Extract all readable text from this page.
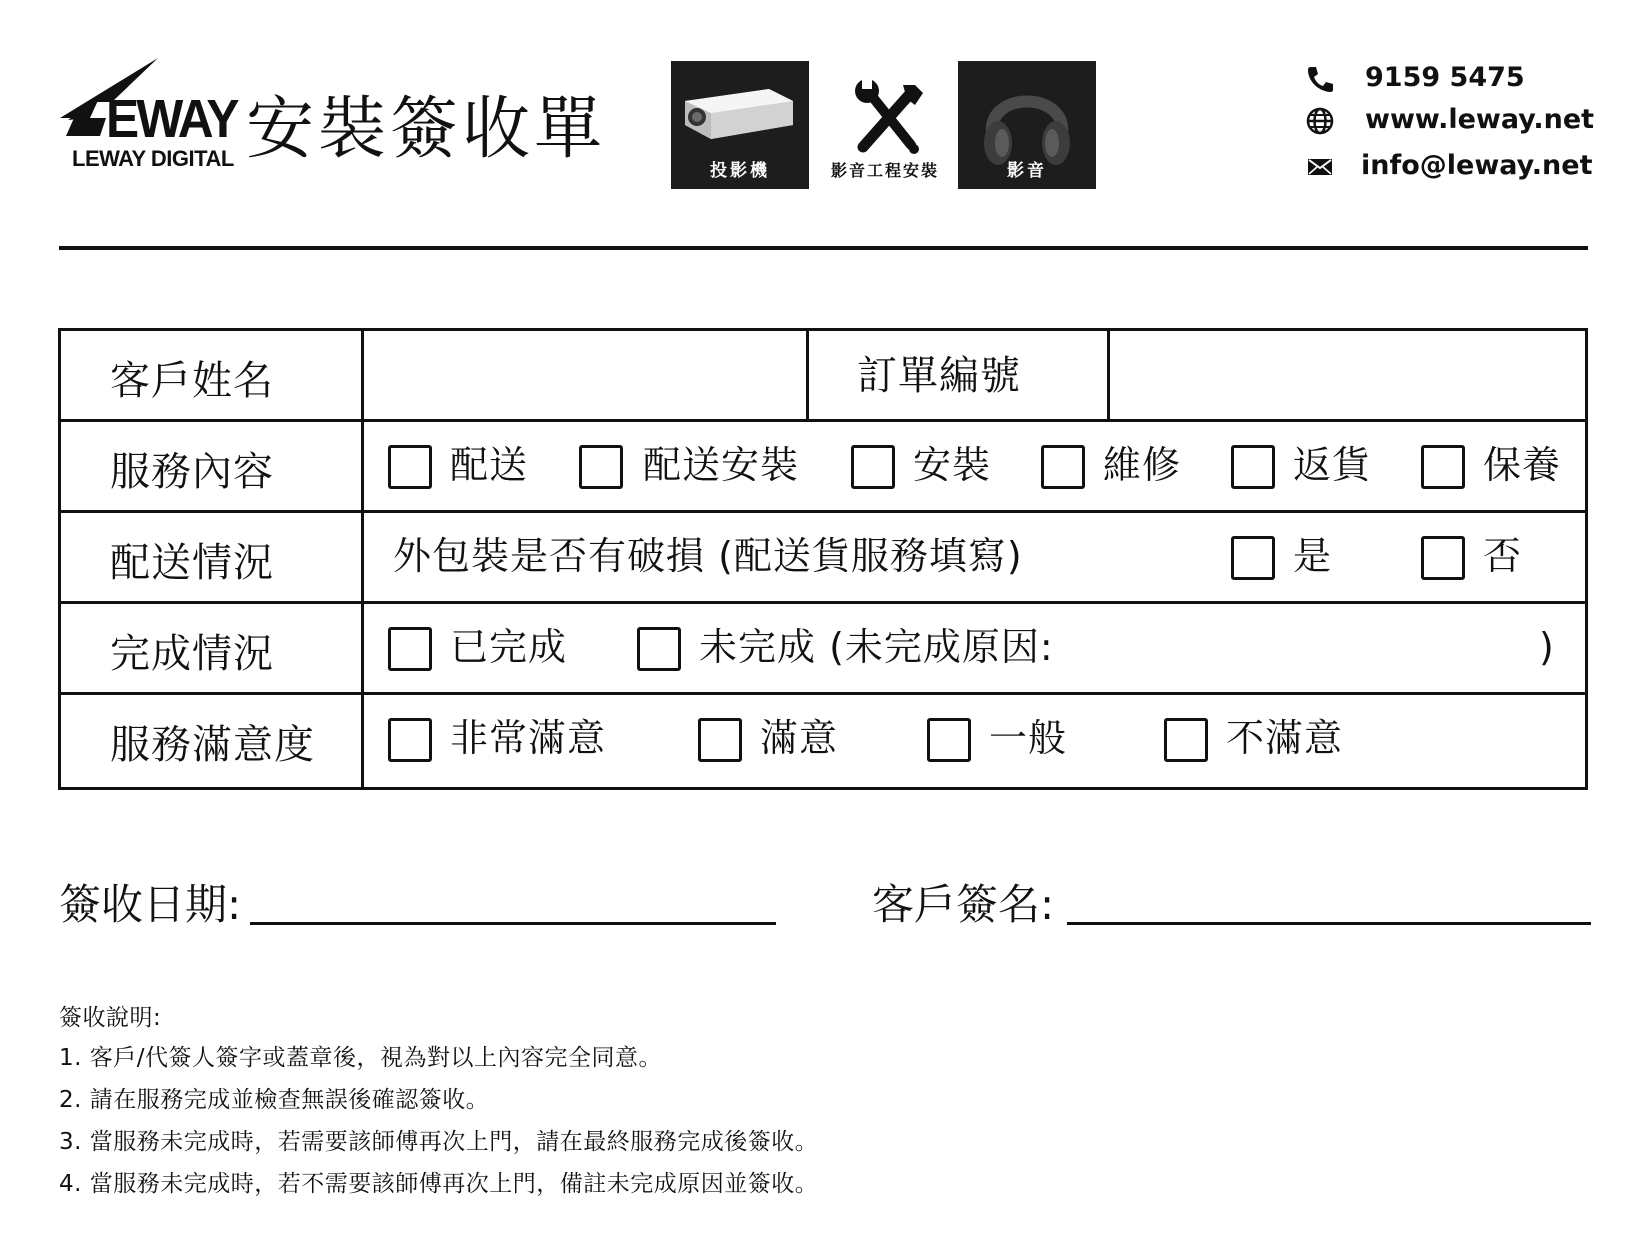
EWAY
LEWAY DIGITAL 安裝簽收單
投影機	影音工程安裝	影音
9159 5475
www.leway.net
info@leway.net
客戶姓名	訂單編號
服務內容	配送	配送安裝	安裝	維修	返貨	保養
配送情況	外包裝是否有破損 (配送貨服務填寫)	是	否
完成情況	已完成	未完成 (未完成原因:	)
服務滿意度	非常滿意	滿意	一般	不滿意
簽收日期:	客戶簽名:
簽收說明:
1. 客戶/代簽人簽字或蓋章後，視為對以上內容完全同意。
2. 請在服務完成並檢查無誤後確認簽收。
3. 當服務未完成時，若需要該師傅再次上門，請在最終服務完成後簽收。
4. 當服務未完成時，若不需要該師傅再次上門，備註未完成原因並簽收。
